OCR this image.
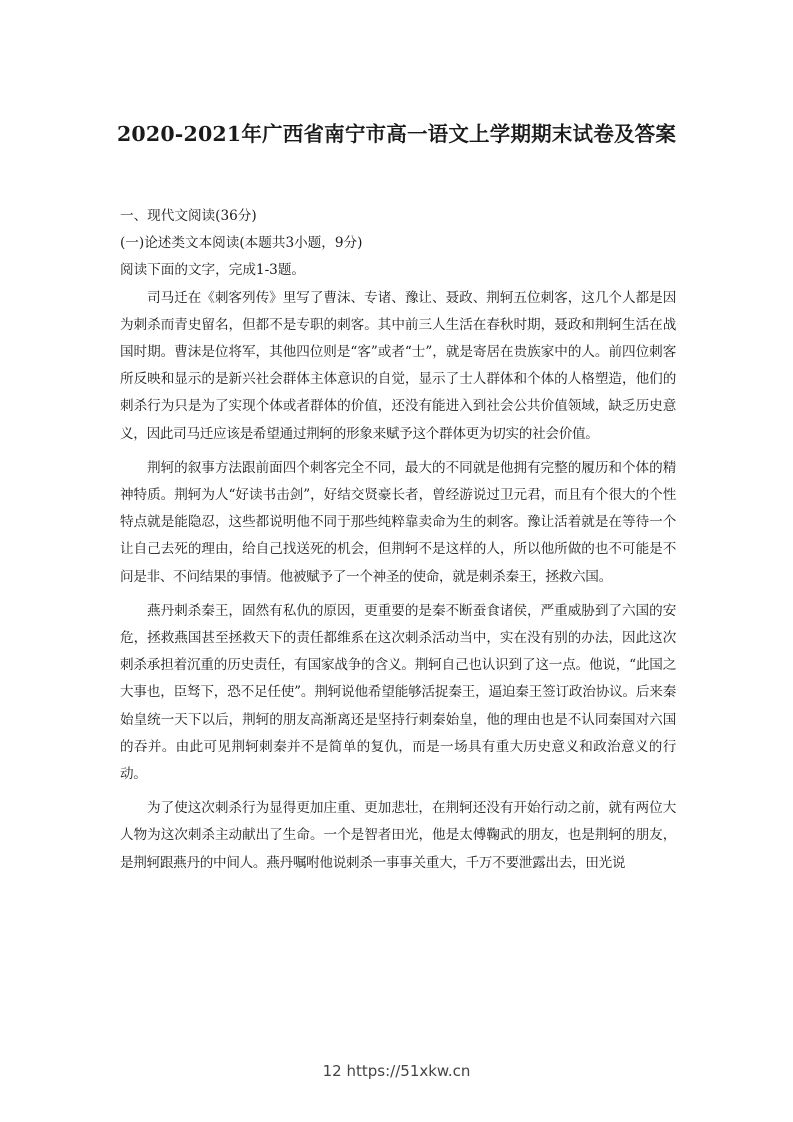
2020-2021年广西省南宁市高一语文上学期期末试卷及答案

一、现代文阅读(36分)

(一)论述类文本阅读(本题共3小题，9分)

阅读下面的文字，完成1-3题。

司马迁在《刺客列传》里写了曹沫、专诸、豫让、聂政、荆轲五位刺客，这几个人都是因为刺杀而青史留名，但都不是专职的刺客。其中前三人生活在春秋时期，聂政和荆轲生活在战国时期。曹沫是位将军，其他四位则是“客”或者“士”，就是寄居在贵族家中的人。前四位刺客所反映和显示的是新兴社会群体主体意识的自觉，显示了士人群体和个体的人格塑造，他们的刺杀行为只是为了实现个体或者群体的价值，还没有能进入到社会公共价值领域，缺乏历史意义，因此司马迁应该是希望通过荆轲的形象来赋予这个群体更为切实的社会价值。

荆轲的叙事方法跟前面四个刺客完全不同，最大的不同就是他拥有完整的履历和个体的精神特质。荆轲为人“好读书击剑”，好结交贤豪长者，曾经游说过卫元君，而且有个很大的个性特点就是能隐忍，这些都说明他不同于那些纯粹靠卖命为生的刺客。豫让活着就是在等待一个让自己去死的理由，给自己找送死的机会，但荆轲不是这样的人，所以他所做的也不可能是不问是非、不问结果的事情。他被赋予了一个神圣的使命，就是刺杀秦王，拯救六国。

燕丹刺杀秦王，固然有私仇的原因，更重要的是秦不断蚕食诸侯，严重威胁到了六国的安危，拯救燕国甚至拯救天下的责任都维系在这次刺杀活动当中，实在没有别的办法，因此这次刺杀承担着沉重的历史责任，有国家战争的含义。荆轲自己也认识到了这一点。他说，“此国之大事也，臣驽下，恐不足任使”。荆轲说他希望能够活捉秦王，逼迫秦王签订政治协议。后来秦始皇统一天下以后，荆轲的朋友高渐离还是坚持行刺秦始皇，他的理由也是不认同秦国对六国的吞并。由此可见荆轲刺秦并不是简单的复仇，而是一场具有重大历史意义和政治意义的行动。

为了使这次刺杀行为显得更加庄重、更加悲壮，在荆轲还没有开始行动之前，就有两位大人物为这次刺杀主动献出了生命。一个是智者田光，他是太傅鞠武的朋友，也是荆轲的朋友，是荆轲跟燕丹的中间人。燕丹嘱咐他说刺杀一事事关重大，千万不要泄露出去，田光说

12 https://51xkw.cn
